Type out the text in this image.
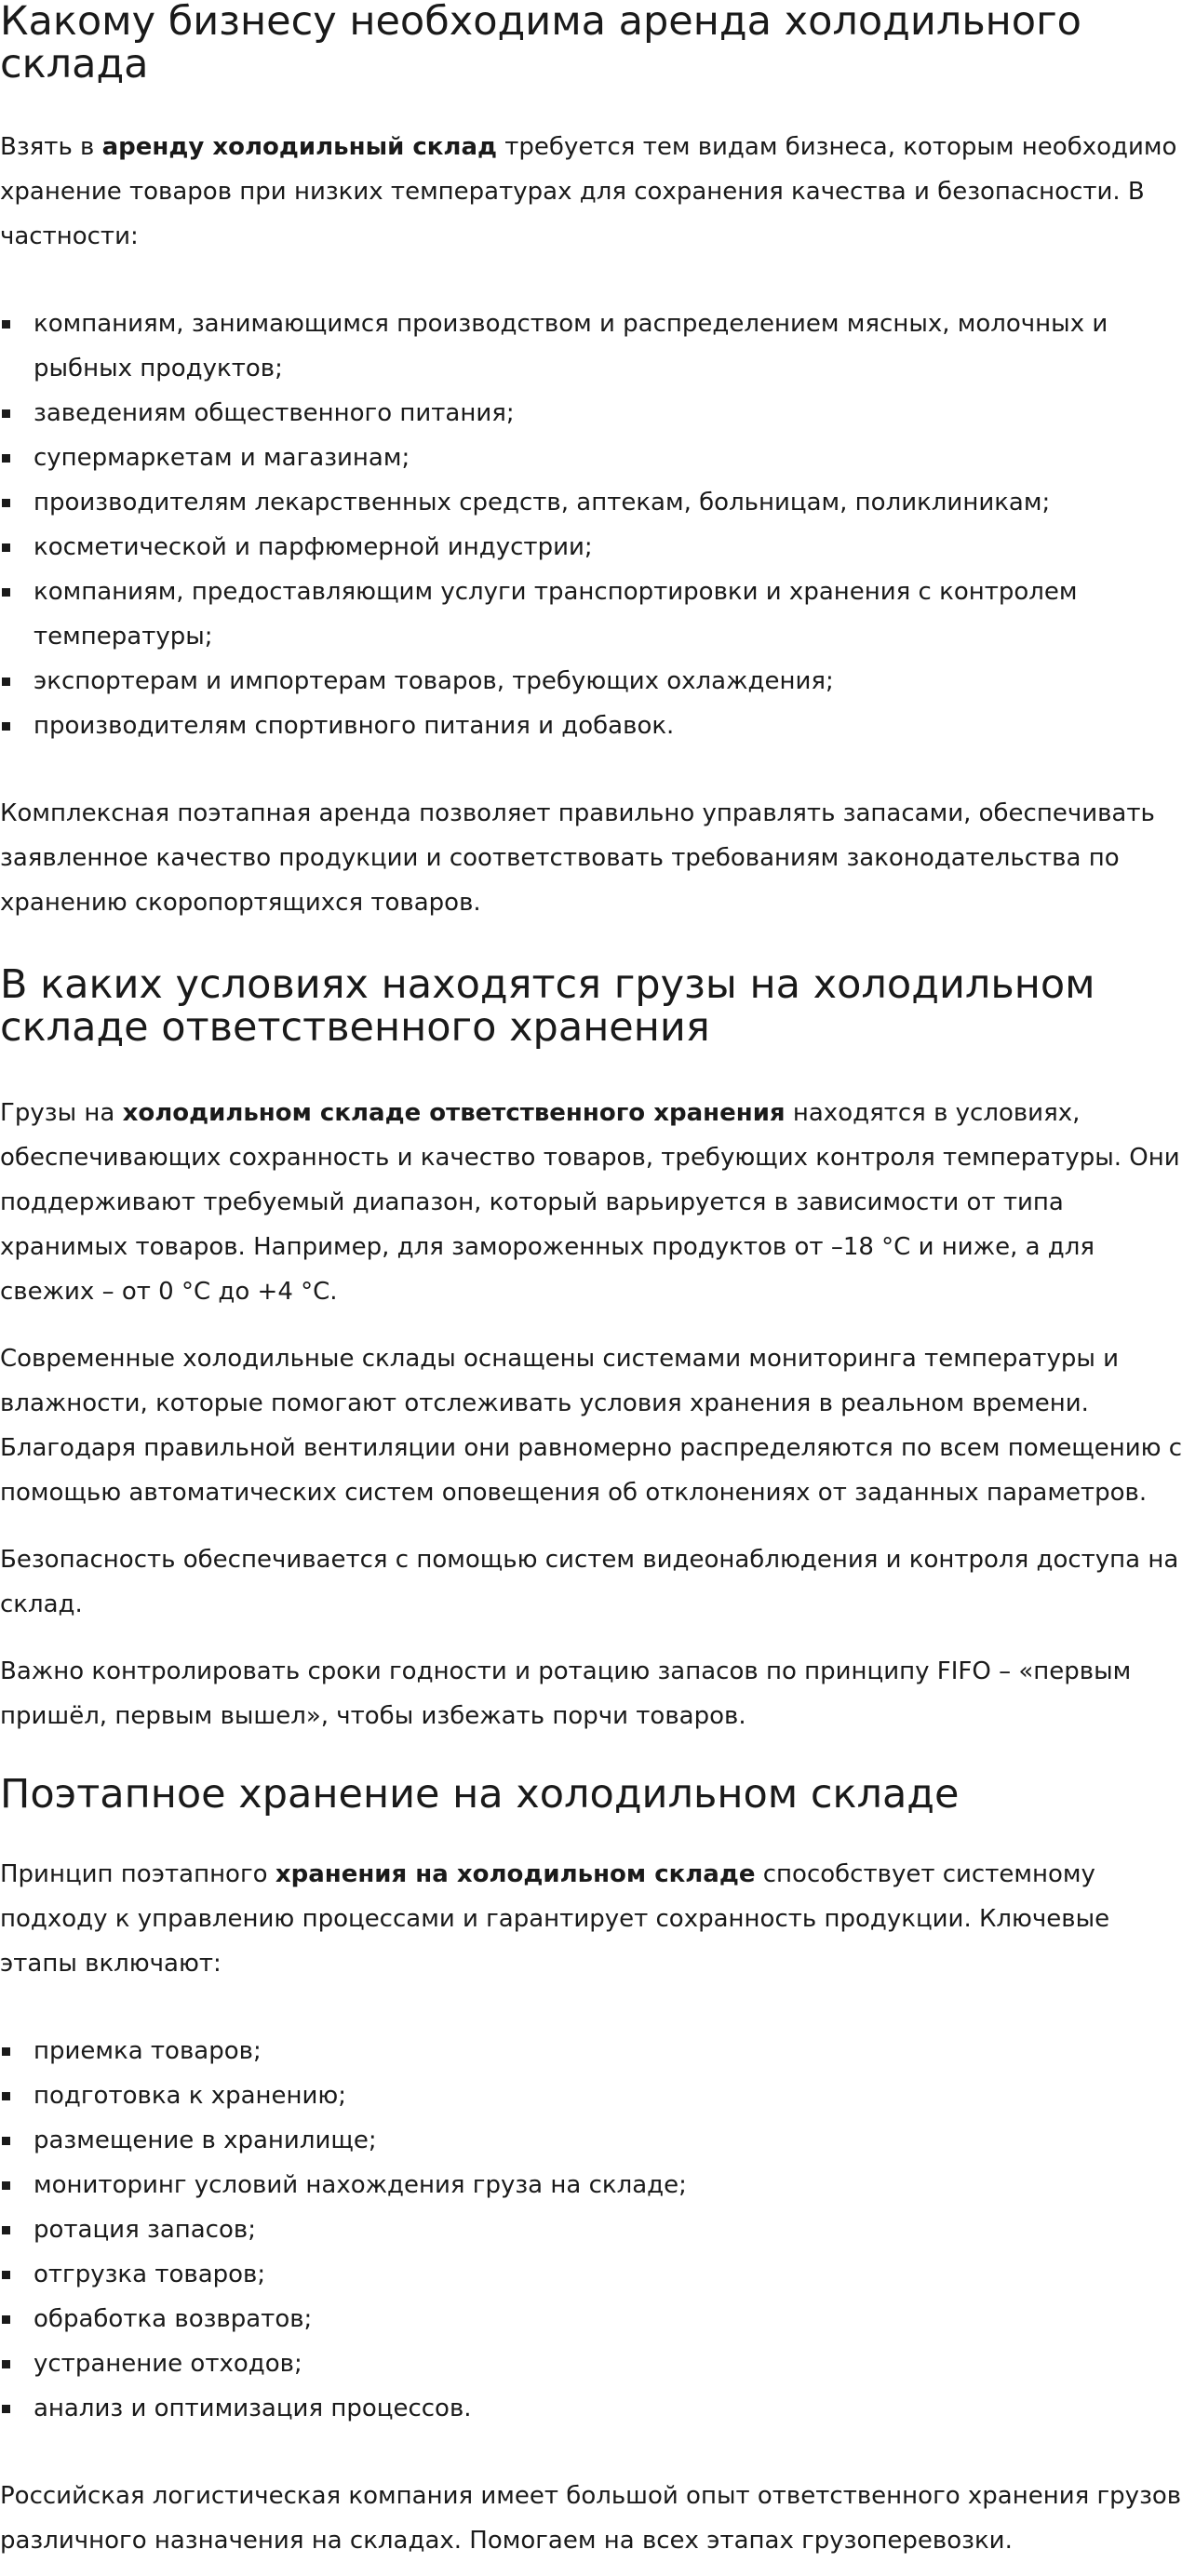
Какому бизнесу необходима аренда холодильного
склада
Взять в аренду холодильный склад требуется тем видам бизнеса, которым необходимо
хранение товаров при низких температурах для сохранения качества и безопасности. В
частности:
компаниям, занимающимся производством и распределением мясных, молочных и
рыбных продуктов;
заведениям общественного питания;
супермаркетам и магазинам;
производителям лекарственных средств, аптекам, больницам, поликлиникам;
косметической и парфюмерной индустрии;
компаниям, предоставляющим услуги транспортировки и хранения с контролем
температуры;
экспортерам и импортерам товаров, требующих охлаждения;
производителям спортивного питания и добавок.
Комплексная поэтапная аренда позволяет правильно управлять запасами, обеспечивать
заявленное качество продукции и соответствовать требованиям законодательства по
хранению скоропортящихся товаров.
В каких условиях находятся грузы на холодильном
складе ответственного хранения
Грузы на холодильном складе ответственного хранения находятся в условиях,
обеспечивающих сохранность и качество товаров, требующих контроля температуры. Они
поддерживают требуемый диапазон, который варьируется в зависимости от типа
хранимых товаров. Например, для замороженных продуктов от –18 °C и ниже, а для
свежих – от 0 °C до +4 °C.
Современные холодильные склады оснащены системами мониторинга температуры и
влажности, которые помогают отслеживать условия хранения в реальном времени.
Благодаря правильной вентиляции они равномерно распределяются по всем помещению с
помощью автоматических систем оповещения об отклонениях от заданных параметров.
Безопасность обеспечивается с помощью систем видеонаблюдения и контроля доступа на
склад.
Важно контролировать сроки годности и ротацию запасов по принципу FIFO – «первым
пришёл, первым вышел», чтобы избежать порчи товаров.
Поэтапное хранение на холодильном складе
Принцип поэтапного хранения на холодильном складе способствует системному
подходу к управлению процессами и гарантирует сохранность продукции. Ключевые
этапы включают:
приемка товаров;
подготовка к хранению;
размещение в хранилище;
мониторинг условий нахождения груза на складе;
ротация запасов;
отгрузка товаров;
обработка возвратов;
устранение отходов;
анализ и оптимизация процессов.
Российская логистическая компания имеет большой опыт ответственного хранения грузов
различного назначения на складах. Помогаем на всех этапах грузоперевозки.
